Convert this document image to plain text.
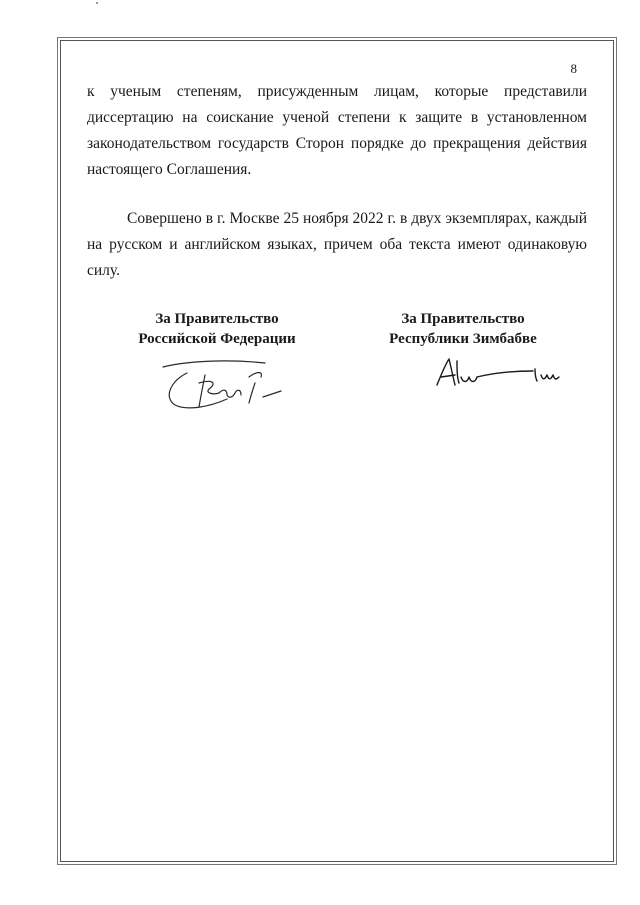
8

к ученым степеням, присужденным лицам, которые представили диссертацию на соискание ученой степени к защите в установленном законодательством государств Сторон порядке до прекращения действия настоящего Соглашения.

Совершено в г. Москве 25 ноября 2022 г. в двух экземплярах, каждый на русском и английском языках, причем оба текста имеют одинаковую силу.

За Правительство
Российской Федерации
За Правительство
Республики Зимбабве
